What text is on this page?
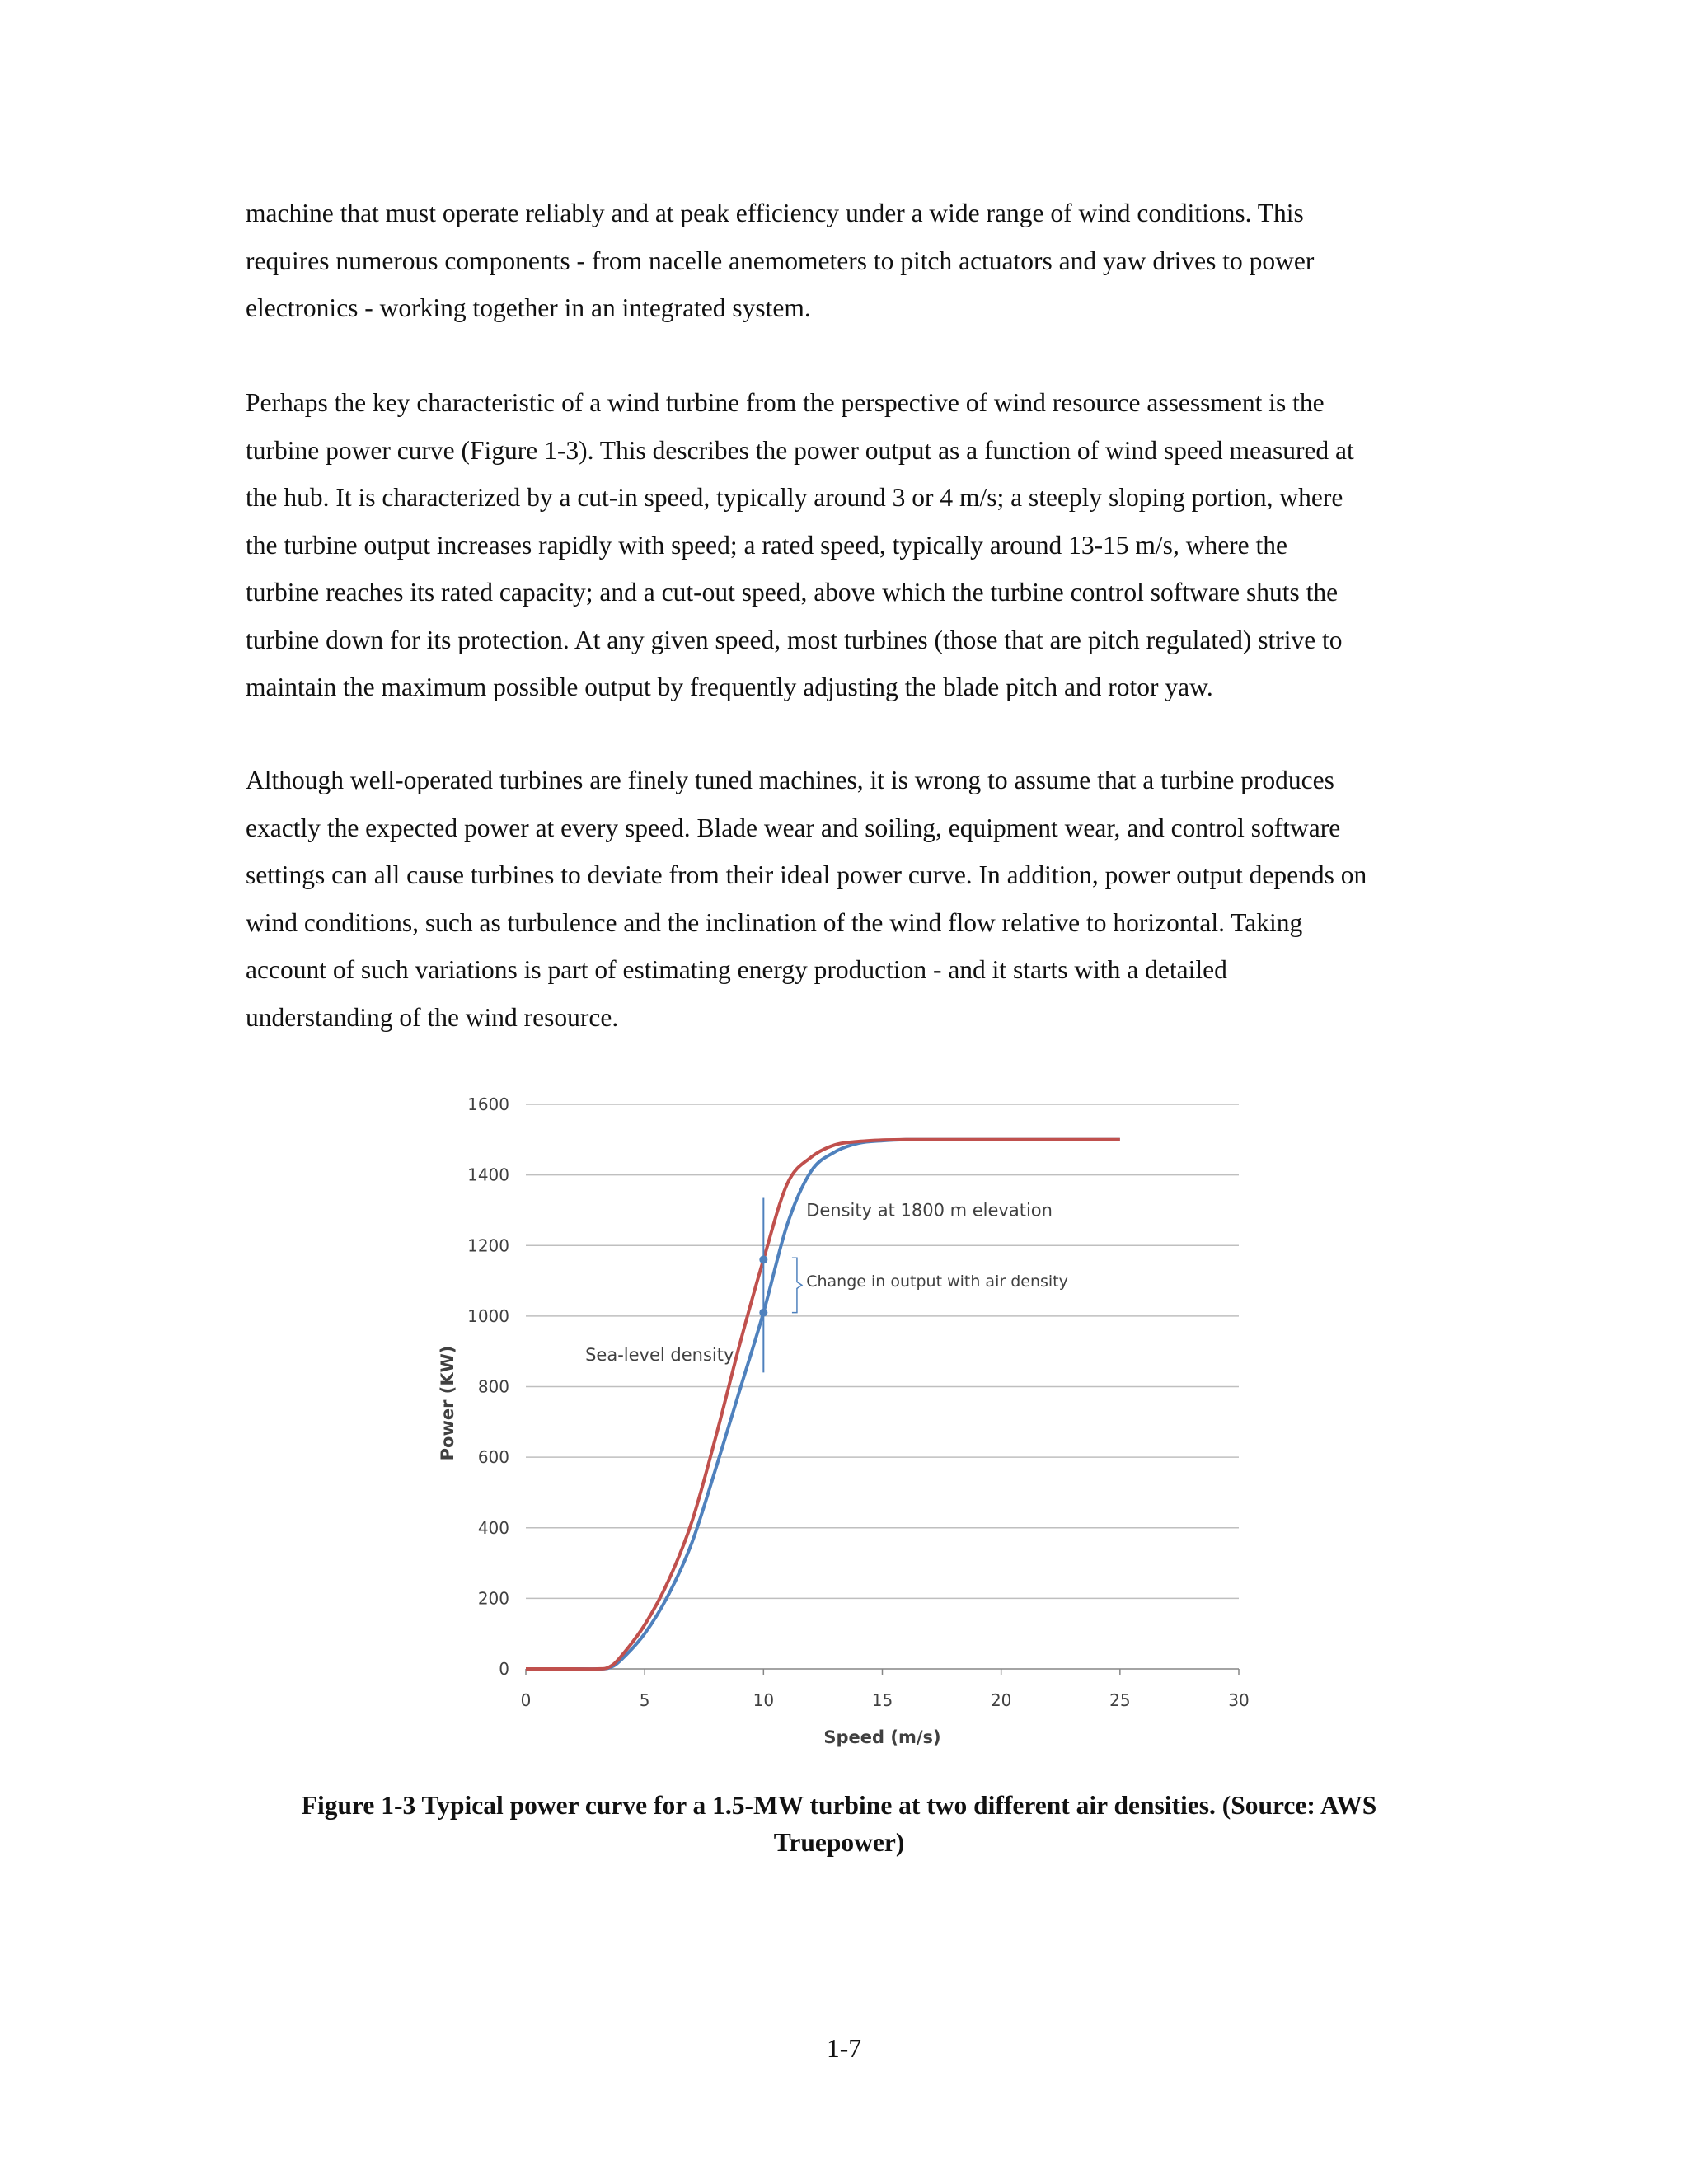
machine that must operate reliably and at peak efficiency under a wide range of wind conditions. This
requires numerous components - from nacelle anemometers to pitch actuators and yaw drives to power
electronics - working together in an integrated system.

Perhaps the key characteristic of a wind turbine from the perspective of wind resource assessment is the
turbine power curve (Figure 1-3). This describes the power output as a function of wind speed measured at
the hub. It is characterized by a cut-in speed, typically around 3 or 4 m/s; a steeply sloping portion, where
the turbine output increases rapidly with speed; a rated speed, typically around 13-15 m/s, where the
turbine reaches its rated capacity; and a cut-out speed, above which the turbine control software shuts the
turbine down for its protection. At any given speed, most turbines (those that are pitch regulated) strive to
maintain the maximum possible output by frequently adjusting the blade pitch and rotor yaw.

Although well-operated turbines are finely tuned machines, it is wrong to assume that a turbine produces
exactly the expected power at every speed. Blade wear and soiling, equipment wear, and control software
settings can all cause turbines to deviate from their ideal power curve. In addition, power output depends on
wind conditions, such as turbulence and the inclination of the wind flow relative to horizontal. Taking
account of such variations is part of estimating energy production - and it starts with a detailed
understanding of the wind resource.

0
200
400
600
800
1000
1200
1400
1600
0	5	10	15	20	25	30
Speed (m/s)
Power (KW)
Change in output with air density
Density at 1800 m elevation
Sea-level density

Figure 1-3 Typical power curve for a 1.5-MW turbine at two different air densities. (Source: AWS
Truepower)

1-7
